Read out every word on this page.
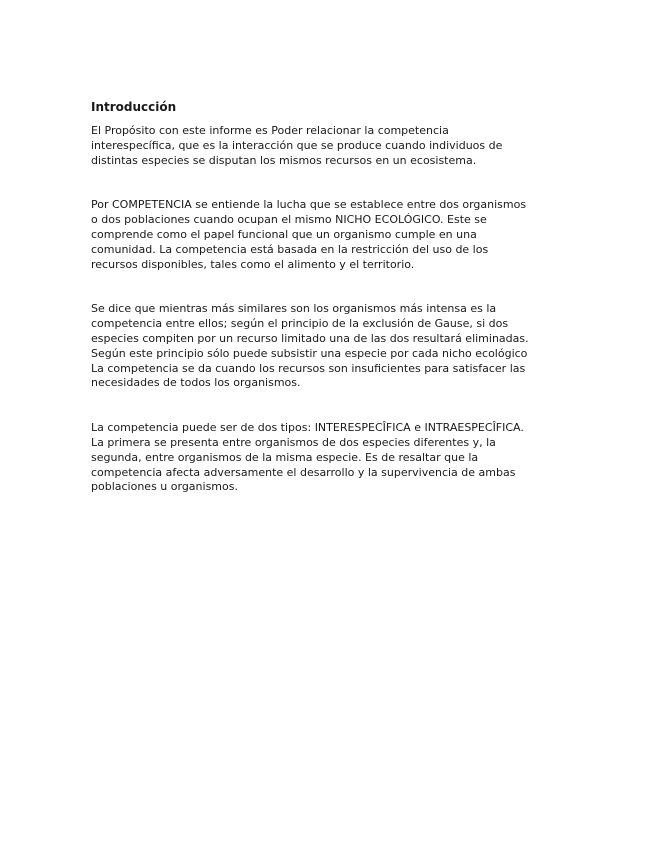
Introducción

El Propósito con este informe es Poder relacionar la competencia
interespecífica, que es la interacción que se produce cuando individuos de
distintas especies se disputan los mismos recursos en un ecosistema.

Por COMPETENCIA se entiende la lucha que se establece entre dos organismos
o dos poblaciones cuando ocupan el mismo NICHO ECOLÓGICO. Este se
comprende como el papel funcional que un organismo cumple en una
comunidad. La competencia está basada en la restricción del uso de los
recursos disponibles, tales como el alimento y el territorio.

Se dice que mientras más similares son los organismos más intensa es la
competencia entre ellos; según el principio de la exclusión de Gause, si dos
especies compiten por un recurso limitado una de las dos resultará eliminadas.
Según este principio sólo puede subsistir una especie por cada nicho ecológico
La competencia se da cuando los recursos son insuficientes para satisfacer las
necesidades de todos los organismos.

La competencia puede ser de dos tipos: INTERESPECÎFICA e INTRAESPECÎFICA.
La primera se presenta entre organismos de dos especies diferentes y, la
segunda, entre organismos de la misma especie. Es de resaltar que la
competencia afecta adversamente el desarrollo y la supervivencia de ambas
poblaciones u organismos.
